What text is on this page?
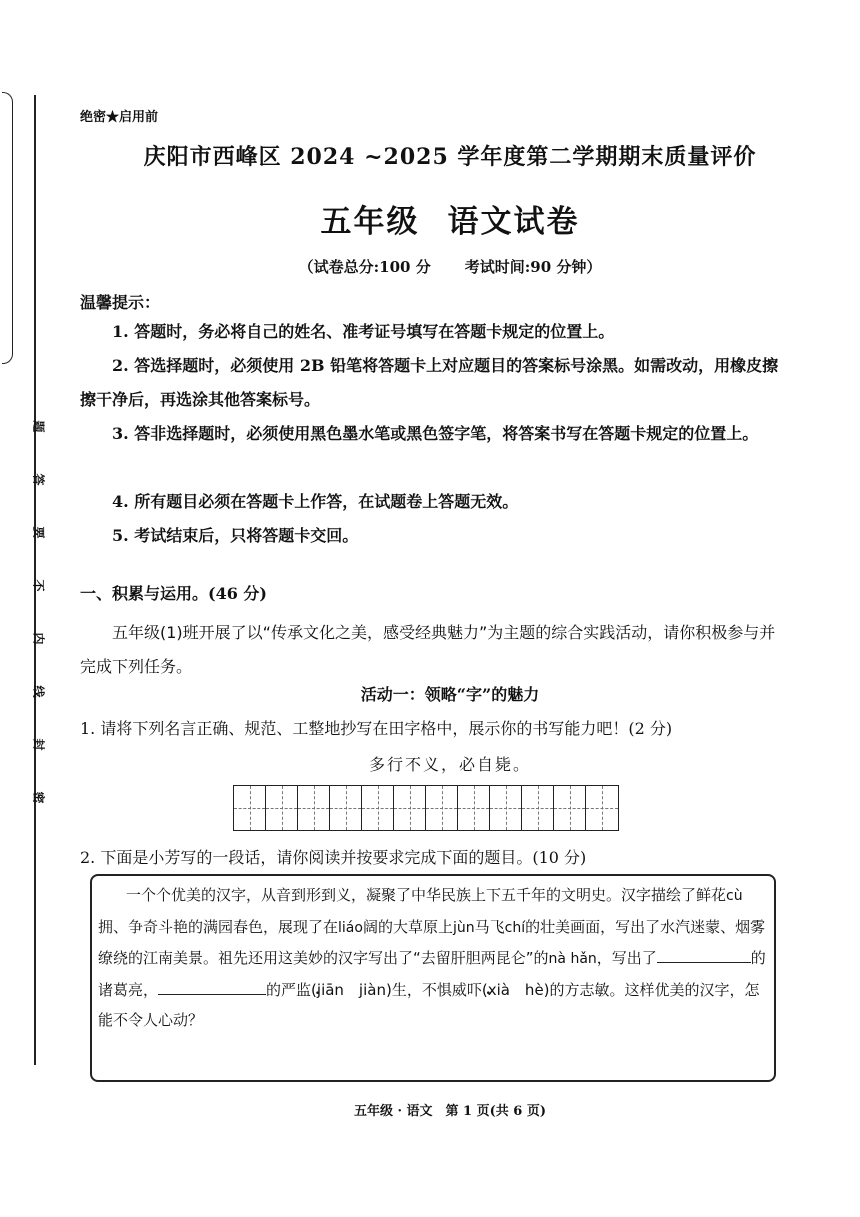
题
答
要
不
内
线
封
密
绝密★启用前
庆阳市西峰区 2024 ~2025 学年度第二学期期末质量评价
五年级 语文试卷
（试卷总分:100 分 考试时间:90 分钟）
温馨提示：
1. 答题时，务必将自己的姓名、准考证号填写在答题卡规定的位置上。
2. 答选择题时，必须使用 2B 铅笔将答题卡上对应题目的答案标号涂黑。如需改动，用橡皮擦擦干净后，再选涂其他答案标号。
3. 答非选择题时，必须使用黑色墨水笔或黑色签字笔，将答案书写在答题卡规定的位置上。
4. 所有题目必须在答题卡上作答，在试题卷上答题无效。
5. 考试结束后，只将答题卡交回。
一、积累与运用。(46 分)
五年级(1)班开展了以“传承文化之美，感受经典魅力”为主题的综合实践活动，请你积极参与并完成下列任务。
活动一：领略“字”的魅力
1. 请将下列名言正确、规范、工整地抄写在田字格中，展示你的书写能力吧！(2 分)
多行不义，必自毙。
2. 下面是小芳写的一段话，请你阅读并按要求完成下面的题目。(10 分)

一个个优美的汉字，从音到形到义，凝聚了中华民族上下五千年的文明史。汉字描绘了鲜花cù拥、争奇斗艳的满园春色，展现了在liáo阔的大草原上jùn马飞chí的壮美画面，写出了水汽迷蒙、烟雾缭绕的江南美景。祖先还用这美妙的汉字写出了“去留肝胆两昆仑”的nà hǎn，写出了	的诸葛亮，	的严监(jiān　jiàn)生，不惧威吓(xià　hè)的方志敏。这样优美的汉字，怎能不令人心动？

五年级 · 语文　第 1 页(共 6 页)
